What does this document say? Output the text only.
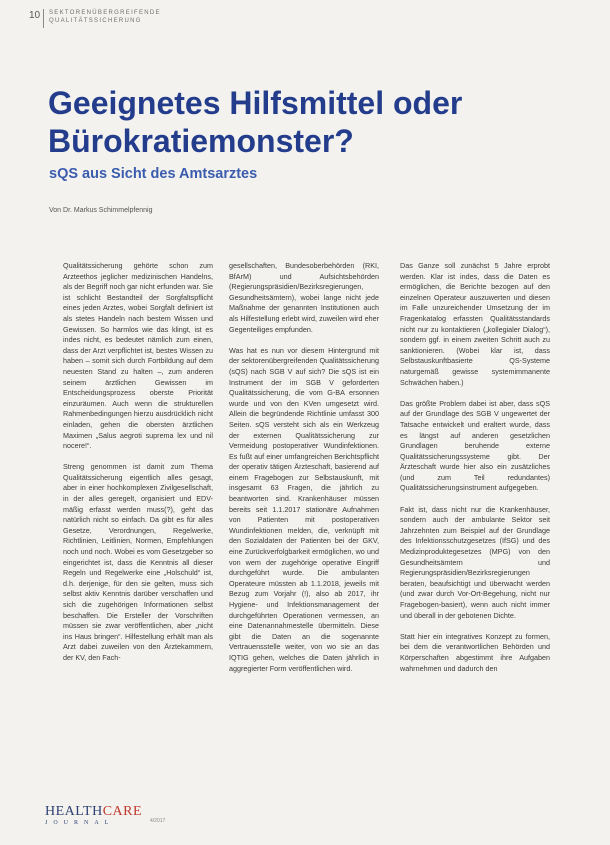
10 SEKTORENÜBERGREIFENDE
QUALITÄTSSICHERUNG
Geeignetes Hilfsmittel oder Bürokratiemonster?
sQS aus Sicht des Amtsarztes
Von Dr. Markus Schimmelpfennig

Qualitätssicherung gehörte schon zum Arzteethos jeglicher medizinischen Handelns, als der Begriff noch gar nicht erfunden war. Sie ist schlicht Bestandteil der Sorgfaltspflicht eines jeden Arztes, wobei Sorgfalt definiert ist als stetes Handeln nach bestem Wissen und Gewissen. So harmlos wie das klingt, ist es indes nicht, es bedeutet nämlich zum einen, dass der Arzt verpflichtet ist, bestes Wissen zu haben – somit sich durch Fortbildung auf dem neuesten Stand zu halten –, zum anderen seinem ärztlichen Gewissen im Entscheidungsprozess oberste Priorität einzuräumen. Auch wenn die strukturellen Rahmenbedingungen hierzu ausdrücklich nicht einladen, gehen die obersten ärztlichen Maximen „Salus aegroti suprema lex und nil nocere!“.

Streng genommen ist damit zum Thema Qualitätssicherung eigentlich alles gesagt, aber in einer hochkomplexen Zivilgesellschaft, in der alles geregelt, organisiert und EDV-mäßig erfasst werden muss(?), geht das natürlich nicht so einfach. Da gibt es für alles Gesetze, Verordnungen, Regelwerke, Richtlinien, Leitlinien, Normen, Empfehlungen noch und noch. Wobei es vom Gesetzgeber so eingerichtet ist, dass die Kenntnis all dieser Regeln und Regelwerke eine „Holschuld“ ist, d.h. derjenige, für den sie gelten, muss sich selbst aktiv Kenntnis darüber verschaffen und sich die zugehörigen Informationen selbst beschaffen. Die Ersteller der Vorschriften müssen sie zwar veröffentlichen, aber „nicht ins Haus bringen“. Hilfestellung erhält man als Arzt dabei zuweilen von den Ärztekammern, der KV, den Fach-

gesellschaften, Bundesoberbehörden (RKI, BfArM) und Aufsichtsbehörden (Regierungspräsidien/Bezirksregierungen, Gesundheitsämtern), wobei lange nicht jede Maßnahme der genannten Institutionen auch als Hilfestellung erlebt wird, zuweilen wird eher Gegenteiliges empfunden.

Was hat es nun vor diesem Hintergrund mit der sektorenübergreifenden Qualitätssicherung (sQS) nach SGB V auf sich? Die sQS ist ein Instrument der im SGB V geforderten Qualitätssicherung, die vom G-BA ersonnen wurde und von den KVen umgesetzt wird. Allein die begründende Richtlinie umfasst 300 Seiten. sQS versteht sich als ein Werkzeug der externen Qualitätssicherung zur Vermeidung postoperativer Wundinfektionen. Es fußt auf einer umfangreichen Berichtspflicht der operativ tätigen Ärzteschaft, basierend auf einem Fragebogen zur Selbstauskunft, mit insgesamt 63 Fragen, die jährlich zu beantworten sind. Krankenhäuser müssen bereits seit 1.1.2017 stationäre Aufnahmen von Patienten mit postoperativen Wundinfektionen melden, die, verknüpft mit den Sozialdaten der Patienten bei der GKV, eine Zurückverfolgbarkeit ermöglichen, wo und von wem der zugehörige operative Eingriff durchgeführt wurde. Die ambulanten Operateure müssten ab 1.1.2018, jeweils mit Bezug zum Vorjahr (!), also ab 2017, ihr Hygiene- und Infektionsmanagement der durchgeführten Operationen vermessen, an eine Datenannahmestelle übermitteln. Diese gibt die Daten an die sogenannte Vertrauensstelle weiter, von wo sie an das IQTIG gehen, welches die Daten jährlich in aggregierter Form veröffentlichen wird.

Das Ganze soll zunächst 5 Jahre erprobt werden. Klar ist indes, dass die Daten es ermöglichen, die Berichte bezogen auf den einzelnen Operateur auszuwerten und diesen im Falle unzureichender Umsetzung der im Fragenkatalog erfassten Qualitätsstandards nicht nur zu kontaktieren („kollegialer Dialog“), sondern ggf. in einem zweiten Schritt auch zu sanktionieren. (Wobei klar ist, dass Selbstauskunftbasierte QS-Systeme naturgemäß gewisse systemimmanente Schwächen haben.)

Das größte Problem dabei ist aber, dass sQS auf der Grundlage des SGB V ungewertet der Tatsache entwickelt und eraltert wurde, dass es längst auf anderen gesetzlichen Grundlagen beruhende externe Qualitätssicherungssysteme gibt. Der Ärzteschaft wurde hier also ein zusätzliches (und zum Teil redundantes) Qualitätssicherungsinstrument aufgegeben.

Fakt ist, dass nicht nur die Krankenhäuser, sondern auch der ambulante Sektor seit Jahrzehnten zum Beispiel auf der Grundlage des Infektionsschutzgesetzes (IfSG) und des Medizinproduktegesetzes (MPG) von den Gesundheitsämtern und Regierungspräsidien/Bezirksregierungen beraten, beaufsichtigt und überwacht werden (und zwar durch Vor-Ort-Begehung, nicht nur Fragebogen-basiert), wenn auch nicht immer und überall in der gebotenen Dichte.

Statt hier ein integratives Konzept zu formen, bei dem die verantwortlichen Behörden und Körperschaften abgestimmt ihre Aufgaben wahrnehmen und dadurch den

HEALTHCARE
JOURNAL	4/2017
